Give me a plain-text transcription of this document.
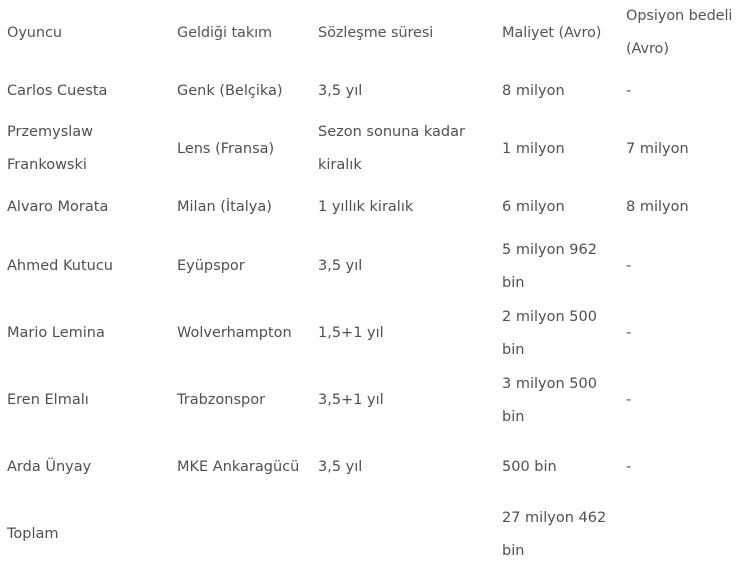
Oyuncu	Geldiği takım	Sözleşme süresi	Maliyet (Avro)	Opsiyon bedeli (Avro)
Carlos Cuesta	Genk (Belçika)	3,5 yıl	8 milyon	-
Przemyslaw Frankowski	Lens (Fransa)	Sezon sonuna kadar kiralık	1 milyon	7 milyon
Alvaro Morata	Milan (İtalya)	1 yıllık kiralık	6 milyon	8 milyon
Ahmed Kutucu	Eyüpspor	3,5 yıl	5 milyon 962 bin	-
Mario Lemina	Wolverhampton	1,5+1 yıl	2 milyon 500 bin	-
Eren Elmalı	Trabzonspor	3,5+1 yıl	3 milyon 500 bin	-
Arda Ünyay	MKE Ankaragücü	3,5 yıl	500 bin	-
Toplam			27 milyon 462 bin	
